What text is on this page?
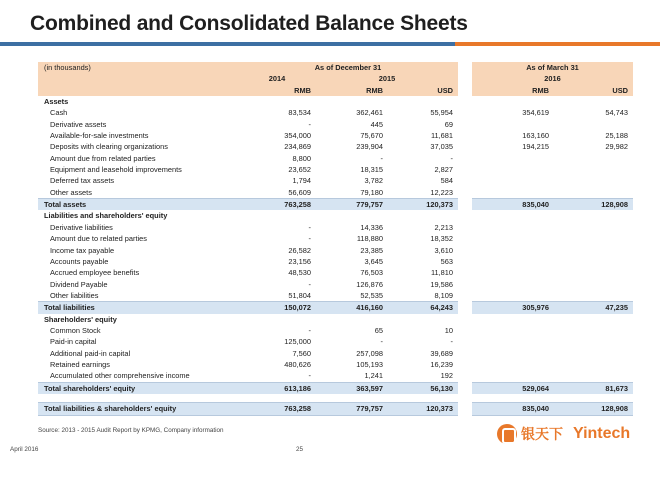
Combined and Consolidated Balance Sheets
(in thousands)	As of December 31				As of March 31	
	2014	2015			2016	
	RMB	RMB	USD		RMB	USD
Assets						
Cash	83,534	362,461	55,954		354,619	54,743
Derivative assets	-	445	69			
Available-for-sale investments	354,000	75,670	11,681		163,160	25,188
Deposits with clearing organizations	234,869	239,904	37,035		194,215	29,982
Amount due from related parties	8,800	-	-			
Equipment and leasehold improvements	23,652	18,315	2,827			
Deferred tax assets	1,794	3,782	584			
Other assets	56,609	79,180	12,223			
Total assets	763,258	779,757	120,373		835,040	128,908
Liabilities and shareholders' equity						
Derivative liabilities	-	14,336	2,213			
Amount due to related parties	-	118,880	18,352			
Income tax payable	26,582	23,385	3,610			
Accounts payable	23,156	3,645	563			
Accrued employee benefits	48,530	76,503	11,810			
Dividend Payable	-	126,876	19,586			
Other liabilities	51,804	52,535	8,109			
Total liabilities	150,072	416,160	64,243		305,976	47,235
Shareholders' equity						
Common Stock	-	65	10			
Paid-in capital	125,000	-	-			
Additional paid-in capital	7,560	257,098	39,689			
Retained earnings	480,626	105,193	16,239			
Accumulated other comprehensive income	-	1,241	192			
Total shareholders' equity	613,186	363,597	56,130		529,064	81,673

Total liabilities & shareholders' equity	763,258	779,757	120,373		835,040	128,908
Source: 2013 - 2015 Audit Report by KPMG, Company information	银天下 Yintech
April 2016	25
